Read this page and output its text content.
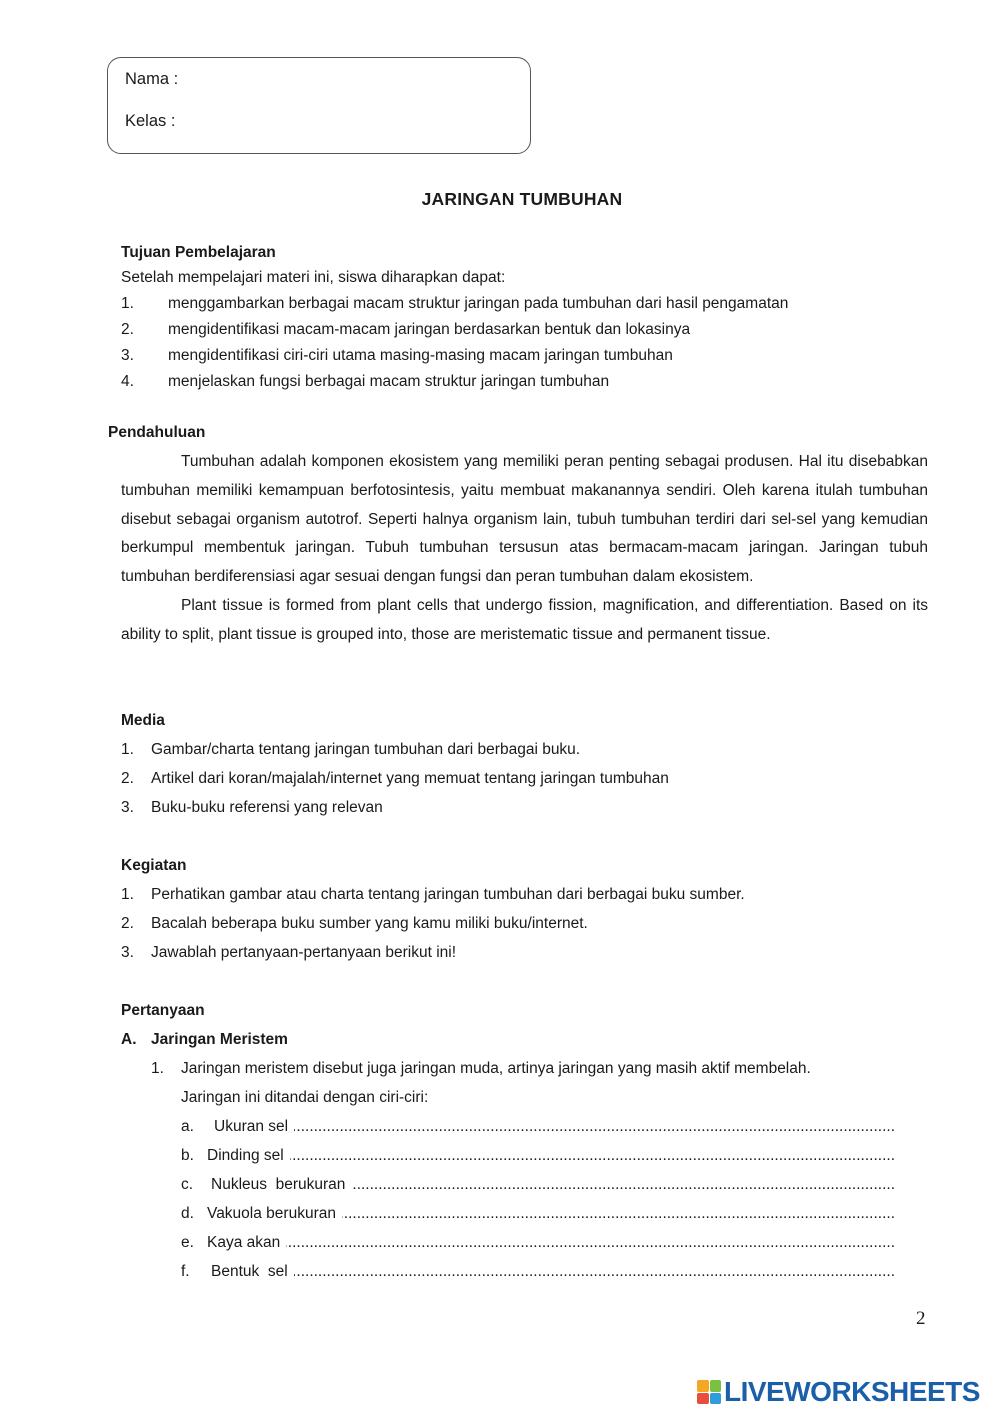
Nama :
Kelas :
JARINGAN TUMBUHAN
Tujuan Pembelajaran
Setelah mempelajari materi ini, siswa diharapkan dapat:
1. menggambarkan berbagai macam struktur jaringan pada tumbuhan dari hasil pengamatan
2. mengidentifikasi macam-macam jaringan berdasarkan bentuk dan lokasinya
3. mengidentifikasi ciri-ciri utama masing-masing macam jaringan tumbuhan
4. menjelaskan fungsi berbagai macam struktur jaringan tumbuhan
Pendahuluan

Tumbuhan adalah komponen ekosistem yang memiliki peran penting sebagai produsen. Hal itu disebabkan tumbuhan memiliki kemampuan berfotosintesis, yaitu membuat makanannya sendiri. Oleh karena itulah tumbuhan disebut sebagai organism autotrof. Seperti halnya organism lain, tubuh tumbuhan terdiri dari sel-sel yang kemudian berkumpul membentuk jaringan. Tubuh tumbuhan tersusun atas bermacam-macam jaringan. Jaringan tubuh tumbuhan berdiferensiasi agar sesuai dengan fungsi dan peran tumbuhan dalam ekosistem.

Plant tissue is formed from plant cells that undergo fission, magnification, and differentiation. Based on its ability to split, plant tissue is grouped into, those are meristematic tissue and permanent tissue.

Media
1. Gambar/charta tentang jaringan tumbuhan dari berbagai buku.
2. Artikel dari koran/majalah/internet yang memuat tentang jaringan tumbuhan
3. Buku-buku referensi yang relevan
Kegiatan
1. Perhatikan gambar atau charta tentang jaringan tumbuhan dari berbagai buku sumber.
2. Bacalah beberapa buku sumber yang kamu miliki buku/internet.
3. Jawablah pertanyaan-pertanyaan berikut ini!
Pertanyaan
A. Jaringan Meristem
1. Jaringan meristem disebut juga jaringan muda, artinya jaringan yang masih aktif membelah.
Jaringan ini ditandai dengan ciri-ciri:
a. Ukuran sel
.....
b. Dinding sel
.....
c. Nukleus  berukuran
.....
d. Vakuola berukuran
.....
e. Kaya akan
.....
f. Bentuk  sel
.....
2
LIVEWORKSHEETS
